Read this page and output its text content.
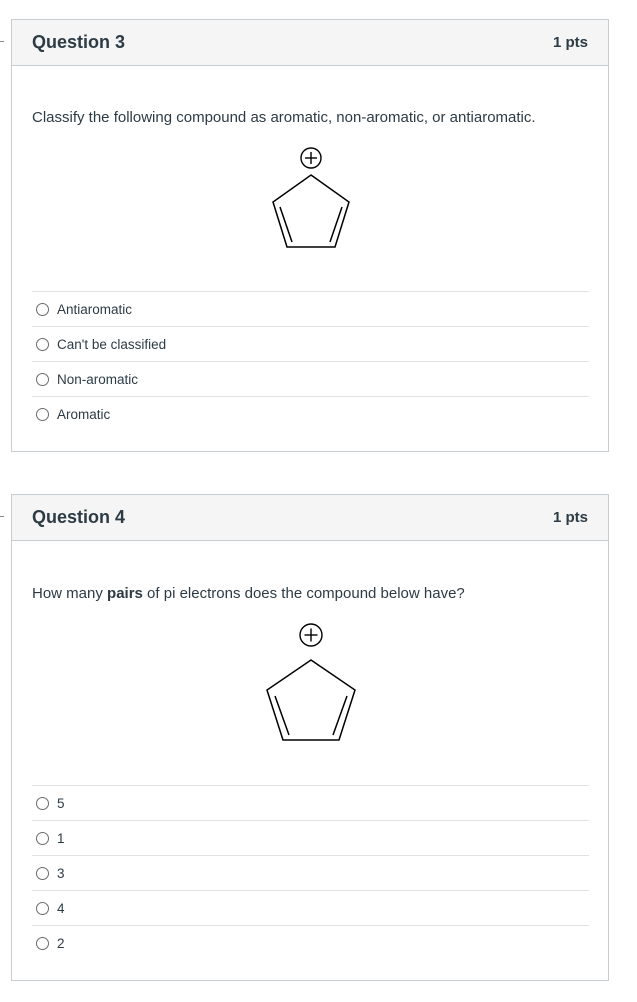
Question 3	1 pts

Classify the following compound as aromatic, non-aromatic, or antiaromatic.

Antiaromatic
Can't be classified
Non-aromatic
Aromatic
Question 4	1 pts

How many pairs of pi electrons does the compound below have?

5
1
3
4
2
